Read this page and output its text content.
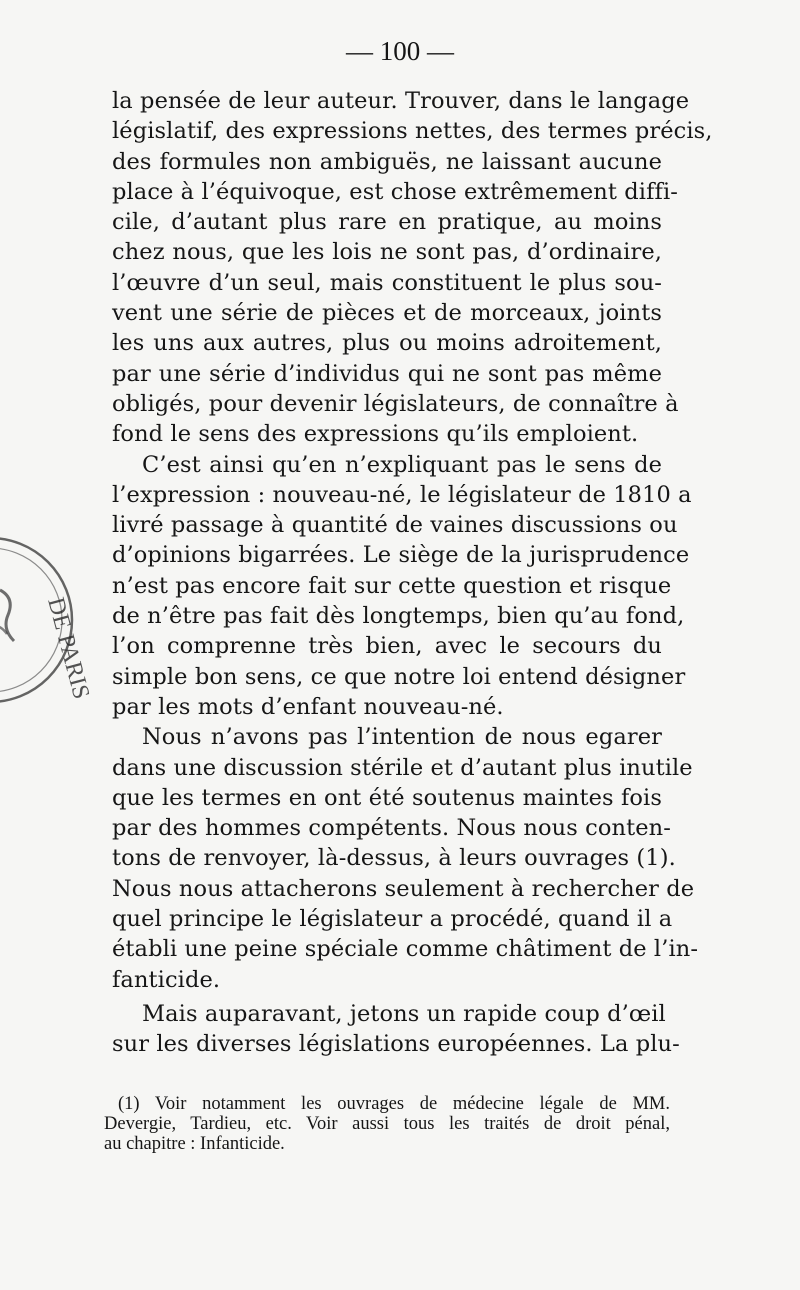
— 100 —
DE PARIS

la pensée de leur auteur. Trouver, dans le langage
législatif, des expressions nettes, des termes précis,
des formules non ambiguës, ne laissant aucune
place à l’équivoque, est chose extrêmement diffi-
cile, d’autant plus rare en pratique, au moins
chez nous, que les lois ne sont pas, d’ordinaire,
l’œuvre d’un seul, mais constituent le plus sou-
vent une série de pièces et de morceaux, joints
les uns aux autres, plus ou moins adroitement,
par une série d’individus qui ne sont pas même
obligés, pour devenir législateurs, de connaître à
fond le sens des expressions qu’ils emploient.

C’est ainsi qu’en n’expliquant pas le sens de
l’expression : nouveau-né, le législateur de 1810 a
livré passage à quantité de vaines discussions ou
d’opinions bigarrées. Le siège de la jurisprudence
n’est pas encore fait sur cette question et risque
de n’être pas fait dès longtemps, bien qu’au fond,
l’on comprenne très bien, avec le secours du
simple bon sens, ce que notre loi entend désigner
par les mots d’enfant nouveau-né.

Nous n’avons pas l’intention de nous egarer
dans une discussion stérile et d’autant plus inutile
que les termes en ont été soutenus maintes fois
par des hommes compétents. Nous nous conten-
tons de renvoyer, là-dessus, à leurs ouvrages (1).
Nous nous attacherons seulement à rechercher de
quel principe le législateur a procédé, quand il a
établi une peine spéciale comme châtiment de l’in-
fanticide.

Mais auparavant, jetons un rapide coup d’œil
sur les diverses législations européennes. La plu-

(1) Voir notamment les ouvrages de médecine légale de MM.
Devergie, Tardieu, etc. Voir aussi tous les traités de droit pénal,
au chapitre : Infanticide.
